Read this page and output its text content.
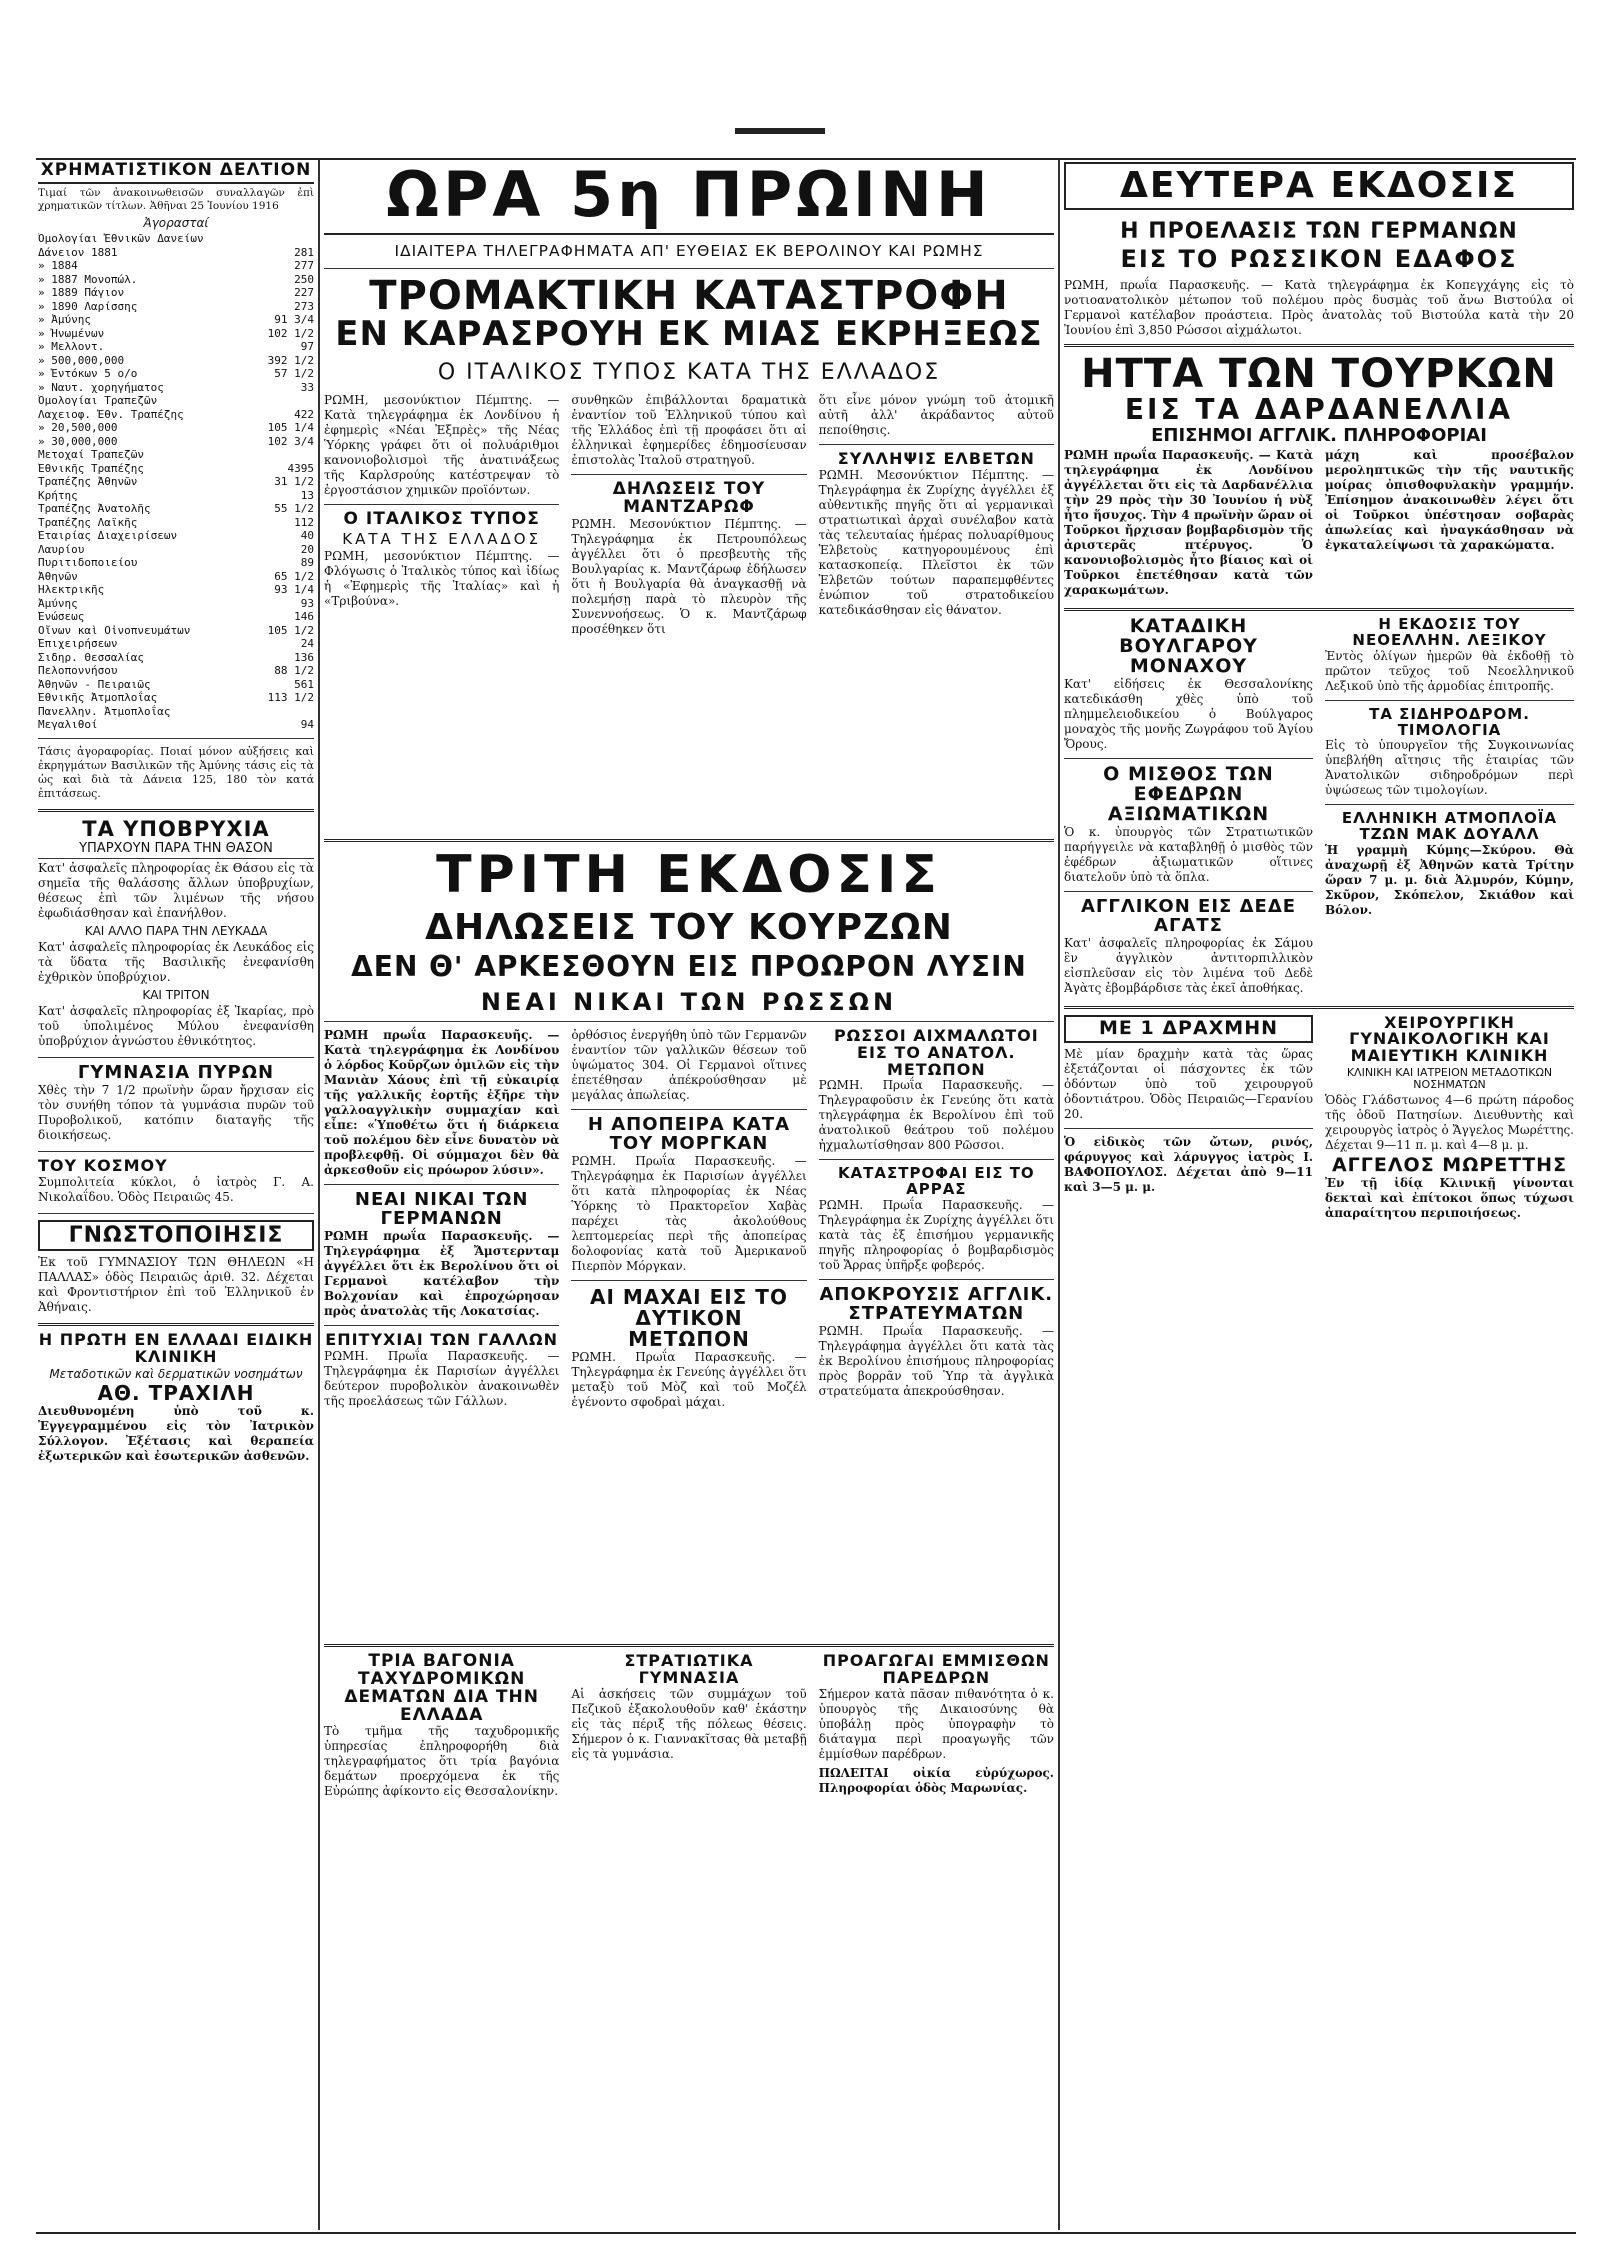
ΧΡΗΜΑΤΙΣΤΙΚΟΝ ΔΕΛΤΙΟΝ

Τιμαί τῶν ἀνακοινωθεισῶν συναλλαγῶν ἐπὶ χρηματικῶν τίτλων. Ἀθῆναι 25 Ἰουνίου 1916

Ἀγορασταί

Ὁμολογίαι Ἐθνικῶν Δανείων
Δάνειον 1881	281
» 1884	277
» 1887 Μονοπώλ.	250
» 1889 Πάγιον	227
» 1890 Λαρίσσης	273
» Ἀμύνης	91 3/4
» Ἠνωμένων	102 1/2
» Μελλοντ.	97
» 500,000,000	392 1/2
» Ἐντόκων 5 ο/ο	57 1/2
» Ναυτ. χορηγήματος	33
Ὁμολογίαι Τραπεζῶν
Λαχειοφ. Ἐθν. Τραπέζης	422
» 20,500,000	105 1/4
» 30,000,000	102 3/4
Μετοχαί Τραπεζῶν
Ἐθνικῆς Τραπέζης	4395
Τραπέζης Ἀθηνῶν	31 1/2
Κρήτης	13
Τραπέζης Ἀνατολῆς	55 1/2
Τραπέζης Λαϊκῆς	112
Ἑταιρίας Διαχειρίσεων	40
Λαυρίου	20
Πυριτιδοποιείου	89
Ἀθηνῶν	65 1/2
Ἠλεκτρικῆς	93 1/4
Ἀμύνης	93
Ἐνώσεως	146
Οἴνων καὶ Οἰνοπνευμάτων	105 1/2
Ἐπιχειρήσεων	24
Σιδηρ. Θεσσαλίας	136
Πελοποννήσου	88 1/2
Ἀθηνῶν - Πειραιῶς	561
Ἐθνικῆς Ἀτμοπλοΐας	113 1/2
Πανελλην. Ἀτμοπλοΐας
Μεγαλιθοί	94

Τάσις ἀγοραφορίας. Ποιαί μόνον αὐξήσεις καὶ ἐκρηγμάτων Βασιλικῶν τῆς Ἀμύνης τάσις εἰς τὰ ὡς καὶ διὰ τὰ Δάνεια 125, 180 τὸν κατά ἐπιτάσεως.

ΤΑ ΥΠΟΒΡΥΧΙΑ

ΥΠΑΡΧΟΥΝ ΠΑΡΑ ΤΗΝ ΘΑΣΟΝ

Κατ' ἀσφαλεῖς πληροφορίας ἐκ Θάσου εἰς τὰ σημεῖα τῆς θαλάσσης ἄλλων ὑποβρυχίων, θέσεως ἐπὶ τῶν λιμένων τῆς νήσου ἐφωδιάσθησαν καὶ ἐπανήλθον.

ΚΑΙ ΑΛΛΟ ΠΑΡΑ ΤΗΝ ΛΕΥΚΑΔΑ

Κατ' ἀσφαλεῖς πληροφορίας ἐκ Λευκάδος εἰς τὰ ὕδατα τῆς Βασιλικῆς ἐνεφανίσθη ἐχθρικὸν ὑποβρύχιον.

ΚΑΙ ΤΡΙΤΟΝ

Κατ' ἀσφαλεῖς πληροφορίας ἐξ Ἰκαρίας, πρὸ τοῦ ὑπολιμένος Μύλου ἐνεφανίσθη ὑποβρύχιον ἀγνώστου ἐθνικότητος.

ΓΥΜΝΑΣΙΑ ΠΥΡΩΝ

Χθὲς τὴν 7 1/2 πρωϊνὴν ὥραν ἤρχισαν εἰς τὸν συνήθη τόπον τὰ γυμνάσια πυρῶν τοῦ Πυροβολικοῦ, κατόπιν διαταγῆς τῆς διοικήσεως.

ΤΟΥ ΚΟΣΜΟΥ

Συμπολιτεία κύκλοι, ὁ ἰατρὸς Γ. Α. Νικολαΐδου. Ὁδὸς Πειραιῶς 45.

ΓΝΩΣΤΟΠΟΙΗΣΙΣ

Ἐκ τοῦ ΓΥΜΝΑΣΙΟΥ ΤΩΝ ΘΗΛΕΩΝ «Η ΠΑΛΛΑΣ» ὁδὸς Πειραιῶς ἀριθ. 32. Δέχεται καὶ Φροντιστήριον ἐπὶ τοῦ Ἐλληνικοῦ ἐν Ἀθήναις.

Η ΠΡΩΤΗ ΕΝ ΕΛΛΑΔΙ ΕΙΔΙΚΗ ΚΛΙΝΙΚΗ

Μεταδοτικῶν καὶ δερματικῶν νοσημάτων

ΑΘ. ΤΡΑΧΙΛΗ

Διευθυνομένη ὑπὸ τοῦ κ. Ἐγγεγραμμένου εἰς τὸν Ἰατρικὸν Σύλλογον. Ἐξέτασις καὶ θεραπεία ἐξωτερικῶν καὶ ἐσωτερικῶν ἀσθενῶν.

ΩΡΑ 5η ΠΡΩΙΝΗ

ΙΔΙΑΙΤΕΡΑ ΤΗΛΕΓΡΑΦΗΜΑΤΑ ΑΠ' ΕΥΘΕΙΑΣ ΕΚ ΒΕΡΟΛΙΝΟΥ ΚΑΙ ΡΩΜΗΣ

ΤΡΟΜΑΚΤΙΚΗ ΚΑΤΑΣΤΡΟΦΗ
ΕΝ ΚΑΡΑΣΡΟΥΗ ΕΚ ΜΙΑΣ ΕΚΡΗΞΕΩΣ

Ο ΙΤΑΛΙΚΟΣ ΤΥΠΟΣ ΚΑΤΑ ΤΗΣ ΕΛΛΑΔΟΣ

ΡΩΜΗ, μεσονύκτιον Πέμπτης. — Κατὰ τηλεγράφημα ἐκ Λονδίνου ἡ ἐφημερὶς «Νέαι Ἐξπρὲς» τῆς Νέας Ὑόρκης γράφει ὅτι οἱ πολυάριθμοι κανονιοβολισμοὶ τῆς ἀνατινάξεως τῆς Καρλσρούης κατέστρεψαν τὸ ἐργοστάσιον χημικῶν προϊόντων.

Ο ΙΤΑΛΙΚΟΣ ΤΥΠΟΣ

ΚΑΤΑ ΤΗΣ ΕΛΛΑΔΟΣ

ΡΩΜΗ, μεσονύκτιον Πέμπτης. — Φλόγωσις ὁ Ἰταλικὸς τύπος καὶ ἰδίως ἡ «Ἐφημερὶς τῆς Ἰταλίας» καὶ ἡ «Τριβούνα».

συνθηκῶν ἐπιβάλλονται δραματικὰ ἐναντίον τοῦ Ἑλληνικοῦ τύπου καὶ τῆς Ἑλλάδος ἐπὶ τῇ προφάσει ὅτι αἱ ἑλληνικαὶ ἐφημερίδες ἐδημοσίευσαν ἐπιστολὰς Ἰταλοῦ στρατηγοῦ.

ΔΗΛΩΣΕΙΣ ΤΟΥ ΜΑΝΤΖΑΡΩΦ

ΡΩΜΗ. Μεσονύκτιον Πέμπτης. — Τηλεγράφημα ἐκ Πετρουπόλεως ἀγγέλλει ὅτι ὁ πρεσβευτὴς τῆς Βουλγαρίας κ. Μαντζάρωφ ἐδήλωσεν ὅτι ἡ Βουλγαρία θὰ ἀναγκασθῇ νὰ πολεμήσῃ παρὰ τὸ πλευρὸν τῆς Συνεννοήσεως. Ὁ κ. Μαντζάρωφ προσέθηκεν ὅτι

ὅτι εἶνε μόνον γνώμη τοῦ ἀτομικῆ αὐτῆ ἀλλ' ἀκράδαντος αὐτοῦ πεποίθησις.

ΣΥΛΛΗΨΙΣ ΕΛΒΕΤΩΝ

ΡΩΜΗ. Μεσονύκτιον Πέμπτης. — Τηλεγράφημα ἐκ Ζυρίχης ἀγγέλλει ἐξ αὐθεντικῆς πηγῆς ὅτι αἱ γερμανικαὶ στρατιωτικαὶ ἀρχαὶ συνέλαβον κατὰ τὰς τελευταίας ἡμέρας πολυαρίθμους Ἑλβετοὺς κατηγορουμένους ἐπὶ κατασκοπείᾳ. Πλεῖστοι ἐκ τῶν Ἑλβετῶν τούτων παραπεμφθέντες ἐνώπιον τοῦ στρατοδικείου κατεδικάσθησαν εἰς θάνατον.

ΤΡΙΤΗ ΕΚΔΟΣΙΣ
ΔΗΛΩΣΕΙΣ ΤΟΥ ΚΟΥΡΖΩΝ
ΔΕΝ Θ' ΑΡΚΕΣΘΟΥΝ ΕΙΣ ΠΡΟΩΡΟΝ ΛΥΣΙΝ
ΝΕΑΙ ΝΙΚΑΙ ΤΩΝ ΡΩΣΣΩΝ

ΡΩΜΗ πρωΐα Παρασκευῆς. — Κατὰ τηλεγράφημα ἐκ Λονδίνου ὁ λόρδος Κοῦρζων ὁμιλῶν εἰς τὴν Μανιὰν Χάους ἐπὶ τῇ εὐκαιρίᾳ τῆς γαλλικῆς ἐορτῆς ἐξῆρε τὴν γαλλοαγγλικὴν συμμαχίαν καὶ εἶπε: «Ὑποθέτω ὅτι ἡ διάρκεια τοῦ πολέμου δὲν εἶνε δυνατὸν νὰ προβλεφθῇ. Οἱ σύμμαχοι δὲν θὰ ἀρκεσθοῦν εἰς πρόωρον λύσιν».

ΝΕΑΙ ΝΙΚΑΙ ΤΩΝ ΓΕΡΜΑΝΩΝ

ΡΩΜΗ πρωΐα Παρασκευῆς. — Τηλεγράφημα ἐξ Ἄμστερνταμ ἀγγέλλει ὅτι ἐκ Βερολίνου ὅτι οἱ Γερμανοὶ κατέλαβον τὴν Βολχονίαν καὶ ἐπροχώρησαν πρὸς ἀνατολὰς τῆς Λοκατσίας.

ΕΠΙΤΥΧΙΑΙ ΤΩΝ ΓΑΛΛΩΝ

ΡΩΜΗ. Πρωΐα Παρασκευῆς. — Τηλεγράφημα ἐκ Παρισίων ἀγγέλλει δεύτερον πυροβολικὸν ἀνακοινωθὲν τῆς προελάσεως τῶν Γάλλων.

ὀρθόσιος ἐνεργήθη ὑπὸ τῶν Γερμανῶν ἐναντίον τῶν γαλλικῶν θέσεων τοῦ ὑψώματος 304. Οἱ Γερμανοὶ οἵτινες ἐπετέθησαν ἀπέκρούσθησαν μὲ μεγάλας ἀπωλείας.

Η ΑΠΟΠΕΙΡΑ ΚΑΤΑ ΤΟΥ ΜΟΡΓΚΑΝ

ΡΩΜΗ. Πρωΐα Παρασκευῆς. — Τηλεγράφημα ἐκ Παρισίων ἀγγέλλει ὅτι κατὰ πληροφορίας ἐκ Νέας Ὑόρκης τὸ Πρακτορεῖον Χαβὰς παρέχει τὰς ἀκολούθους λεπτομερείας περὶ τῆς ἀποπείρας δολοφονίας κατὰ τοῦ Ἀμερικανοῦ Πιερπὸν Μόργκαν.

ΑΙ ΜΑΧΑΙ ΕΙΣ ΤΟ ΔΥΤΙΚΟΝ ΜΕΤΩΠΟΝ

ΡΩΜΗ. Πρωΐα Παρασκευῆς. — Τηλεγράφημα ἐκ Γενεύης ἀγγέλλει ὅτι μεταξὺ τοῦ Μὸζ καὶ τοῦ Μοζέλ ἐγένοντο σφοδραὶ μάχαι.

ΡΩΣΣΟΙ ΑΙΧΜΑΛΩΤΟΙ ΕΙΣ ΤΟ ΑΝΑΤΟΛ. ΜΕΤΩΠΟΝ

ΡΩΜΗ. Πρωΐα Παρασκευῆς. — Τηλεγραφοῦσιν ἐκ Γενεύης ὅτι κατὰ τηλεγράφημα ἐκ Βερολίνου ἐπὶ τοῦ ἀνατολικοῦ θεάτρου τοῦ πολέμου ἠχμαλωτίσθησαν 800 Ρῶσσοι.

ΚΑΤΑΣΤΡΟΦΑΙ ΕΙΣ ΤΟ ΑΡΡΑΣ

ΡΩΜΗ. Πρωΐα Παρασκευῆς. — Τηλεγράφημα ἐκ Ζυρίχης ἀγγέλλει ὅτι κατὰ τὰς ἐξ ἐπισήμου γερμανικῆς πηγῆς πληροφορίας ὁ βομβαρδισμὸς τοῦ Ἄρρας ὑπῆρξε φοβερός.

ΑΠΟΚΡΟΥΣΙΣ ΑΓΓΛΙΚ. ΣΤΡΑΤΕΥΜΑΤΩΝ

ΡΩΜΗ. Πρωΐα Παρασκευῆς. — Τηλεγράφημα ἀγγέλλει ὅτι κατὰ τὰς ἐκ Βερολίνου ἐπισήμους πληροφορίας πρὸς βορρᾶν τοῦ Ὑπρ τὰ ἀγγλικὰ στρατεύματα ἀπεκρούσθησαν.

ΤΡΙΑ ΒΑΓΟΝΙΑ ΤΑΧΥΔΡΟΜΙΚΩΝ ΔΕΜΑΤΩΝ ΔΙΑ ΤΗΝ ΕΛΛΑΔΑ

Τὸ τμῆμα τῆς ταχυδρομικῆς ὑπηρεσίας ἐπληροφορήθη διὰ τηλεγραφήματος ὅτι τρία βαγόνια δεμάτων προερχόμενα ἐκ τῆς Εὐρώπης ἀφίκοντο εἰς Θεσσαλονίκην.

ΣΤΡΑΤΙΩΤΙΚΑ ΓΥΜΝΑΣΙΑ

Αἱ ἀσκήσεις τῶν συμμάχων τοῦ Πεζικοῦ ἐξακολουθοῦν καθ' ἑκάστην εἰς τὰς πέριξ τῆς πόλεως θέσεις. Σήμερον ὁ κ. Γιαννακῖτσας θὰ μεταβῇ εἰς τὰ γυμνάσια.

ΠΡΟΑΓΩΓΑΙ ΕΜΜΙΣΘΩΝ ΠΑΡΕΔΡΩΝ

Σήμερον κατὰ πᾶσαν πιθανότητα ὁ κ. ὑπουργὸς τῆς Δικαιοσύνης θὰ ὑποβάλῃ πρὸς ὑπογραφὴν τὸ διάταγμα περὶ προαγωγῆς τῶν ἐμμίσθων παρέδρων.

ΠΩΛΕΙΤΑΙ οἰκία εὐρύχωρος. Πληροφορίαι ὁδὸς Μαρωνίας.

ΔΕΥΤΕΡΑ ΕΚΔΟΣΙΣ
Η ΠΡΟΕΛΑΣΙΣ ΤΩΝ ΓΕΡΜΑΝΩΝ
ΕΙΣ ΤΟ ΡΩΣΣΙΚΟΝ ΕΔΑΦΟΣ

ΡΩΜΗ, πρωΐα Παρασκευῆς. — Κατὰ τηλεγράφημα ἐκ Κοπεγχάγης εἰς τὸ νοτιοανατολικὸν μέτωπον τοῦ πολέμου πρὸς δυσμὰς τοῦ ἄνω Βιστούλα οἱ Γερμανοὶ κατέλαβον προάστεια. Πρὸς ἀνατολὰς τοῦ Βιστούλα κατὰ τὴν 20 Ἰουνίου ἐπὶ 3,850 Ρώσσοι αἰχμάλωτοι.

ΗΤΤΑ ΤΩΝ ΤΟΥΡΚΩΝ
ΕΙΣ ΤΑ ΔΑΡΔΑΝΕΛΛΙΑ

ΕΠΙΣΗΜΟΙ ΑΓΓΛΙΚ. ΠΛΗΡΟΦΟΡΙΑΙ

ΡΩΜΗ πρωΐα Παρασκευῆς. — Κατὰ τηλεγράφημα ἐκ Λονδίνου ἀγγέλλεται ὅτι εἰς τὰ Δαρδανέλλια τὴν 29 πρὸς τὴν 30 Ἰουνίου ἡ νὺξ ἦτο ἥσυχος. Τὴν 4 πρωϊνὴν ὥραν οἱ Τοῦρκοι ἤρχισαν βομβαρδισμὸν τῆς ἀριστερᾶς πτέρυγος. Ὁ κανονιοβολισμὸς ἦτο βίαιος καὶ οἱ Τοῦρκοι ἐπετέθησαν κατὰ τῶν χαρακωμάτων.

μάχη καὶ προσέβαλον μεροληπτικῶς τὴν τῆς ναυτικῆς μοίρας ὀπισθοφυλακὴν γραμμήν. Ἐπίσημον ἀνακοινωθὲν λέγει ὅτι οἱ Τοῦρκοι ὑπέστησαν σοβαρὰς ἀπωλείας καὶ ἠναγκάσθησαν νὰ ἐγκαταλείψωσι τὰ χαρακώματα.

ΚΑΤΑΔΙΚΗ ΒΟΥΛΓΑΡΟΥ ΜΟΝΑΧΟΥ

Κατ' εἰδήσεις ἐκ Θεσσαλονίκης κατεδικάσθη χθὲς ὑπὸ τοῦ πλημμελειοδικείου ὁ Βούλγαρος μοναχὸς τῆς μονῆς Ζωγράφου τοῦ Ἁγίου Ὄρους.

Ο ΜΙΣΘΟΣ ΤΩΝ ΕΦΕΔΡΩΝ ΑΞΙΩΜΑΤΙΚΩΝ

Ὁ κ. ὑπουργὸς τῶν Στρατιωτικῶν παρήγγειλε νὰ καταβληθῇ ὁ μισθὸς τῶν ἐφέδρων ἀξιωματικῶν οἵτινες διατελοῦν ὑπὸ τὰ ὅπλα.

ΑΓΓΛΙΚΟΝ ΕΙΣ ΔΕΔΕ ΑΓΑΤΣ

Κατ' ἀσφαλεῖς πληροφορίας ἐκ Σάμου ἓν ἀγγλικὸν ἀντιτορπιλλικὸν εἰσπλεῦσαν εἰς τὸν λιμένα τοῦ Δεδὲ Ἀγὰτς ἐβομβάρδισε τὰς ἐκεῖ ἀποθήκας.

Η ΕΚΔΟΣΙΣ ΤΟΥ ΝΕΟΕΛΛΗΝ. ΛΕΞΙΚΟΥ

Ἐντὸς ὀλίγων ἡμερῶν θὰ ἐκδοθῇ τὸ πρῶτον τεῦχος τοῦ Νεοελληνικοῦ Λεξικοῦ ὑπὸ τῆς ἀρμοδίας ἐπιτροπῆς.

ΤΑ ΣΙΔΗΡΟΔΡΟΜ. ΤΙΜΟΛΟΓΙΑ

Εἰς τὸ ὑπουργεῖον τῆς Συγκοινωνίας ὑπεβλήθη αἴτησις τῆς ἑταιρίας τῶν Ἀνατολικῶν σιδηροδρόμων περὶ ὑψώσεως τῶν τιμολογίων.

ΕΛΛΗΝΙΚΗ ΑΤΜΟΠΛΟΪΑ ΤΖΩΝ ΜΑΚ ΔΟΥΑΛΛ

Ἡ γραμμὴ Κύμης—Σκύρου. Θὰ ἀναχωρῇ ἐξ Ἀθηνῶν κατὰ Τρίτην ὥραν 7 μ. μ. διὰ Ἀλμυρόν, Κύμην, Σκῦρον, Σκόπελον, Σκιάθον καὶ Βόλον.

ΜΕ 1 ΔΡΑΧΜΗΝ

Μὲ μίαν δραχμὴν κατὰ τὰς ὥρας ἐξετάζονται οἱ πάσχοντες ἐκ τῶν ὀδόντων ὑπὸ τοῦ χειρουργοῦ ὀδοντιάτρου. Ὁδὸς Πειραιῶς—Γερανίου 20.

Ὁ εἰδικὸς τῶν ὤτων, ρινός, φάρυγγος καὶ λάρυγγος ἰατρὸς Ι. ΒΑΦΟΠΟΥΛΟΣ. Δέχεται ἀπὸ 9—11 καὶ 3—5 μ. μ.

ΧΕΙΡΟΥΡΓΙΚΗ ΓΥΝΑΙΚΟΛΟΓΙΚΗ ΚΑΙ ΜΑΙΕΥΤΙΚΗ ΚΛΙΝΙΚΗ

ΚΛΙΝΙΚΗ ΚΑΙ ΙΑΤΡΕΙΟΝ ΜΕΤΑΔΟΤΙΚΩΝ ΝΟΣΗΜΑΤΩΝ

Ὁδὸς Γλάδστωνος 4—6 πρώτη πάροδος τῆς ὁδοῦ Πατησίων. Διευθυντὴς καὶ χειρουργὸς ἰατρὸς ὁ Ἄγγελος Μωρέττης. Δέχεται 9—11 π. μ. καὶ 4—8 μ. μ.

ΑΓΓΕΛΟΣ ΜΩΡΕΤΤΗΣ

Ἐν τῇ ἰδίᾳ Κλινικῇ γίνονται δεκταὶ καὶ ἐπίτοκοι ὅπως τύχωσι ἀπαραίτητου περιποιήσεως.
